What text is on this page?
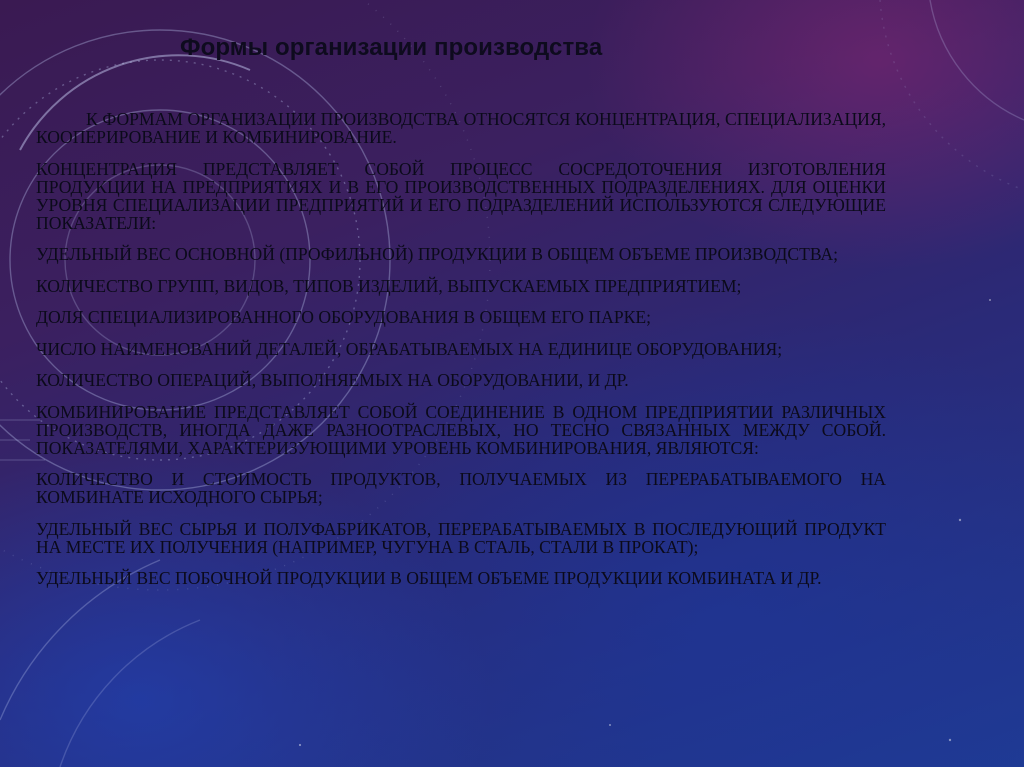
Формы организации производства

К ФОРМАМ ОРГАНИЗАЦИИ ПРОИЗВОДСТВА ОТНОСЯТСЯ КОНЦЕНТРАЦИЯ, СПЕЦИАЛИЗАЦИЯ, КООПЕРИРОВАНИЕ И КОМБИНИРОВАНИЕ.

КОНЦЕНТРАЦИЯ ПРЕДСТАВЛЯЕТ СОБОЙ ПРОЦЕСС СОСРЕДОТОЧЕНИЯ ИЗГОТОВЛЕНИЯ ПРОДУКЦИИ НА ПРЕДПРИЯТИЯХ И В ЕГО ПРОИЗВОДСТВЕННЫХ ПОДРАЗДЕЛЕНИЯХ. ДЛЯ ОЦЕНКИ УРОВНЯ СПЕЦИАЛИЗАЦИИ ПРЕДПРИЯТИЙ И ЕГО ПОДРАЗДЕЛЕНИЙ ИСПОЛЬЗУЮТСЯ СЛЕДУЮЩИЕ ПОКАЗАТЕЛИ:

УДЕЛЬНЫЙ ВЕС ОСНОВНОЙ (ПРОФИЛЬНОЙ) ПРОДУКЦИИ В ОБЩЕМ ОБЪЕМЕ ПРОИЗВОДСТВА;

КОЛИЧЕСТВО ГРУПП, ВИДОВ, ТИПОВ ИЗДЕЛИЙ, ВЫПУСКАЕМЫХ ПРЕДПРИЯТИЕМ;

ДОЛЯ СПЕЦИАЛИЗИРОВАННОГО ОБОРУДОВАНИЯ В ОБЩЕМ ЕГО ПАРКЕ;

ЧИСЛО НАИМЕНОВАНИЙ ДЕТАЛЕЙ, ОБРАБАТЫВАЕМЫХ НА ЕДИНИЦЕ ОБОРУДОВАНИЯ;

КОЛИЧЕСТВО ОПЕРАЦИЙ, ВЫПОЛНЯЕМЫХ НА ОБОРУДОВАНИИ, И ДР.

КОМБИНИРОВАНИЕ ПРЕДСТАВЛЯЕТ СОБОЙ СОЕДИНЕНИЕ В ОДНОМ ПРЕДПРИЯТИИ РАЗЛИЧНЫХ ПРОИЗВОДСТВ, ИНОГДА ДАЖЕ РАЗНООТРАСЛЕВЫХ, НО ТЕСНО СВЯЗАННЫХ МЕЖДУ СОБОЙ. ПОКАЗАТЕЛЯМИ, ХАРАКТЕРИЗУЮЩИМИ УРОВЕНЬ КОМБИНИРОВАНИЯ, ЯВЛЯЮТСЯ:

КОЛИЧЕСТВО И СТОИМОСТЬ ПРОДУКТОВ, ПОЛУЧАЕМЫХ ИЗ ПЕРЕРАБАТЫВАЕМОГО НА КОМБИНАТЕ ИСХОДНОГО СЫРЬЯ;

УДЕЛЬНЫЙ ВЕС СЫРЬЯ И ПОЛУФАБРИКАТОВ, ПЕРЕРАБАТЫВАЕМЫХ В ПОСЛЕДУЮЩИЙ ПРОДУКТ НА МЕСТЕ ИХ ПОЛУЧЕНИЯ (НАПРИМЕР, ЧУГУНА В СТАЛЬ, СТАЛИ В ПРОКАТ);

УДЕЛЬНЫЙ ВЕС ПОБОЧНОЙ ПРОДУКЦИИ В ОБЩЕМ ОБЪЕМЕ ПРОДУКЦИИ КОМБИНАТА И ДР.
